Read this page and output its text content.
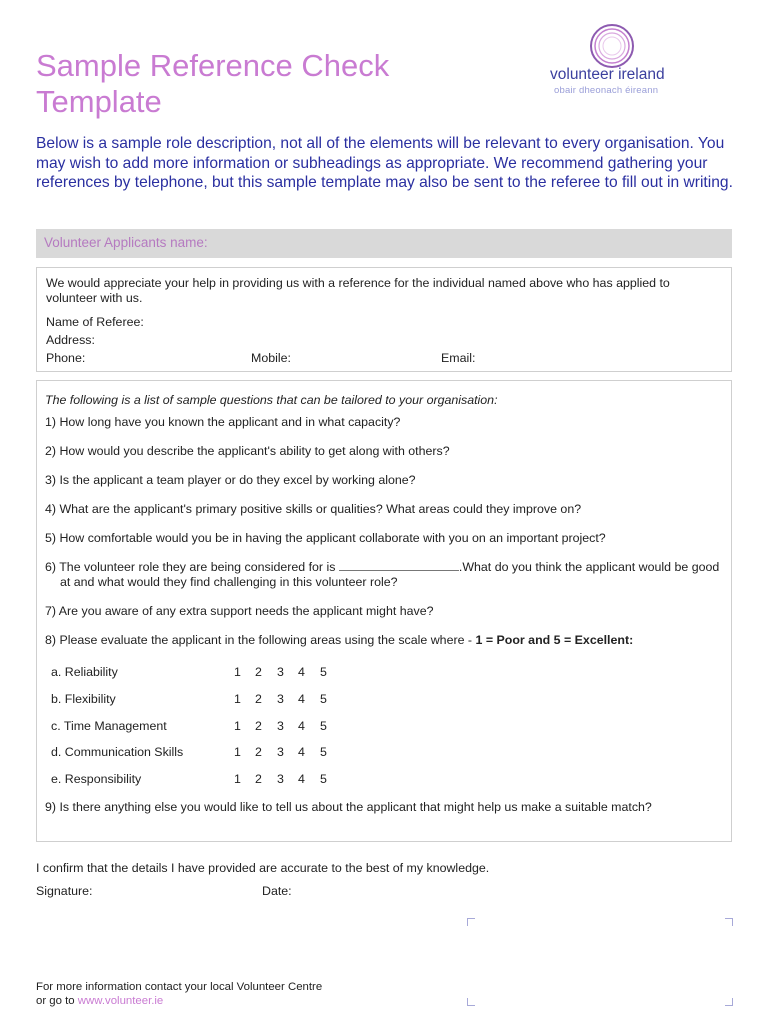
Sample Reference Check
Template
volunteer ireland
obair dheonach éireann

Below is a sample role description, not all of the elements will be relevant to every organisation. You may wish to add more information or subheadings as appropriate. We recommend gathering your references by telephone, but this sample template may also be sent to the referee to fill out in writing.

Volunteer Applicants name:
We would appreciate your help in providing us with a reference for the individual named above who has applied to volunteer with us.
Name of Referee:
Address:
Phone:	Mobile:	Email:
The following is a list of sample questions that can be tailored to your organisation:
1) How long have you known the applicant and in what capacity?
2) How would you describe the applicant's ability to get along with others?
3) Is the applicant a team player or do they excel by working alone?
4) What are the applicant's primary positive skills or qualities? What areas could they improve on?
5) How comfortable would you be in having the applicant collaborate with you on an important project?
6) The volunteer role they are being considered for is	.What do you think the applicant would be good
at and what would they find challenging in this volunteer role?
7) Are you aware of any extra support needs the applicant might have?
8) Please evaluate the applicant in the following areas using the scale where - 1 = Poor and 5 = Excellent:
a. Reliability	1 2 3 4 5
b. Flexibility	1 2 3 4 5
c. Time Management	1 2 3 4 5
d. Communication Skills	1 2 3 4 5
e. Responsibility	1 2 3 4 5
9) Is there anything else you would like to tell us about the applicant that might help us make a suitable match?
I confirm that the details I have provided are accurate to the best of my knowledge.
Signature:	Date:
For more information contact your local Volunteer Centre
or go to www.volunteer.ie
